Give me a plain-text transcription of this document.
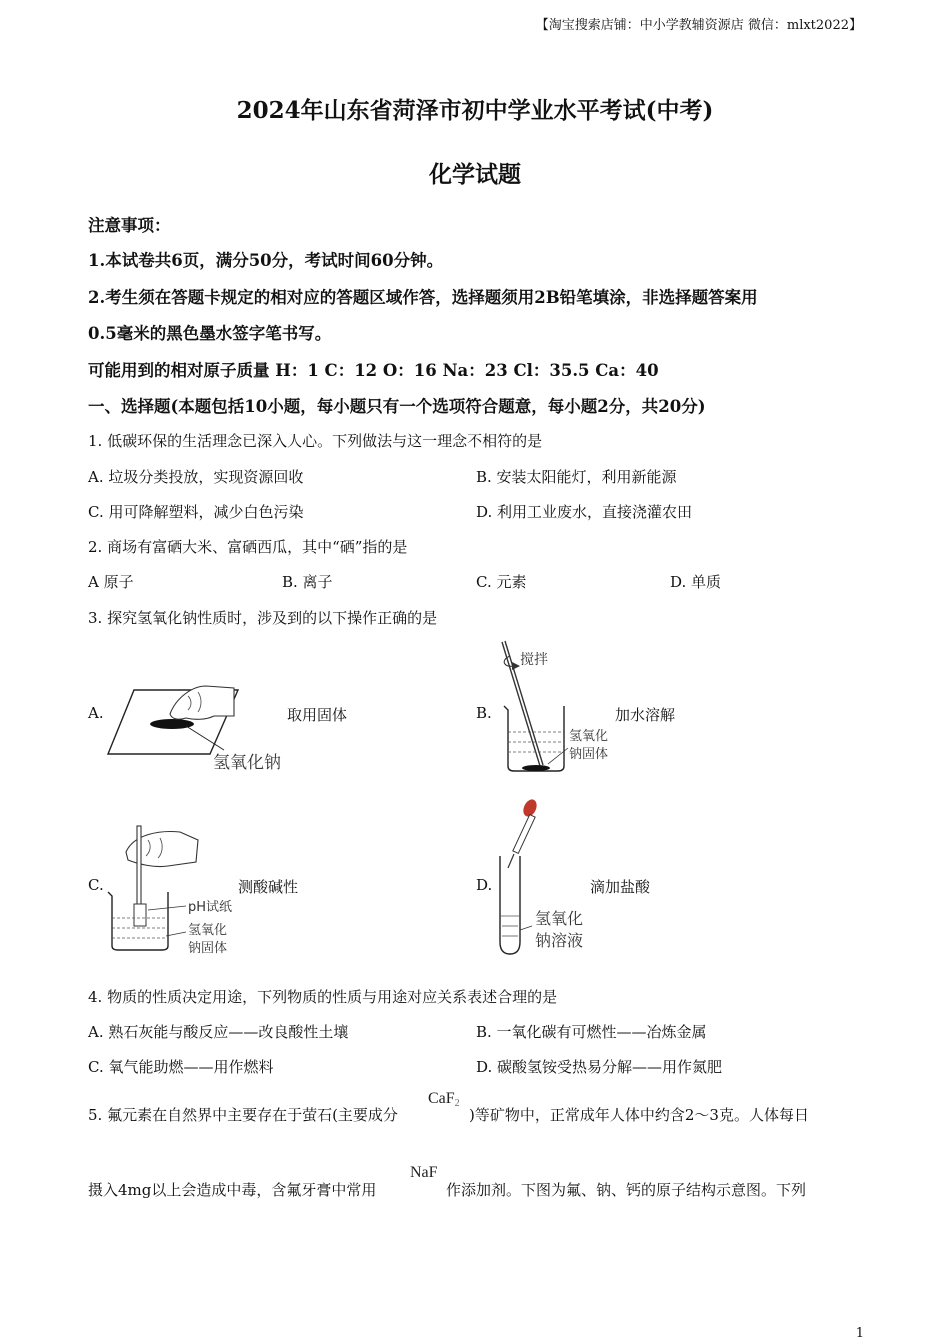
【淘宝搜索店铺：中小学教辅资源店 微信：mlxt2022】
2024年山东省菏泽市初中学业水平考试(中考)
化学试题
注意事项：
1.本试卷共6页，满分50分，考试时间60分钟。
2.考生须在答题卡规定的相对应的答题区域作答，选择题须用2B铅笔填涂，非选择题答案用
0.5毫米的黑色墨水签字笔书写。
可能用到的相对原子质量 H：1 C：12 O：16 Na：23 Cl：35.5 Ca：40
一、选择题(本题包括10小题，每小题只有一个选项符合题意，每小题2分，共20分)
1. 低碳环保的生活理念已深入人心。下列做法与这一理念不相符的是
A. 垃圾分类投放，实现资源回收	B. 安装太阳能灯，利用新能源
C. 用可降解塑料，减少白色污染	D. 利用工业废水，直接浇灌农田
2. 商场有富硒大米、富硒西瓜，其中“硒”指的是
A 原子	B. 离子	C. 元素	D. 单质
3. 探究氢氧化钠性质时，涉及到的以下操作正确的是
A.	取用固体
氢氧化钠
B.	加水溶解
搅拌
氢氧化
钠固体
C.	测酸碱性
pH试纸
氢氧化
钠固体
D.	滴加盐酸
氢氧化
钠溶液
4. 物质的性质决定用途，下列物质的性质与用途对应关系表述合理的是
A. 熟石灰能与酸反应——改良酸性土壤	B. 一氧化碳有可燃性——冶炼金属
C. 氧气能助燃——用作燃料	D. 碳酸氢铵受热易分解——用作氮肥
5. 氟元素在自然界中主要存在于萤石(主要成分
CaF$_2$
)等矿物中，正常成年人体中约含2～3克。人体每日
摄入4mg以上会造成中毒，含氟牙膏中常用
NaF
作添加剂。下图为氟、钠、钙的原子结构示意图。下列
1
